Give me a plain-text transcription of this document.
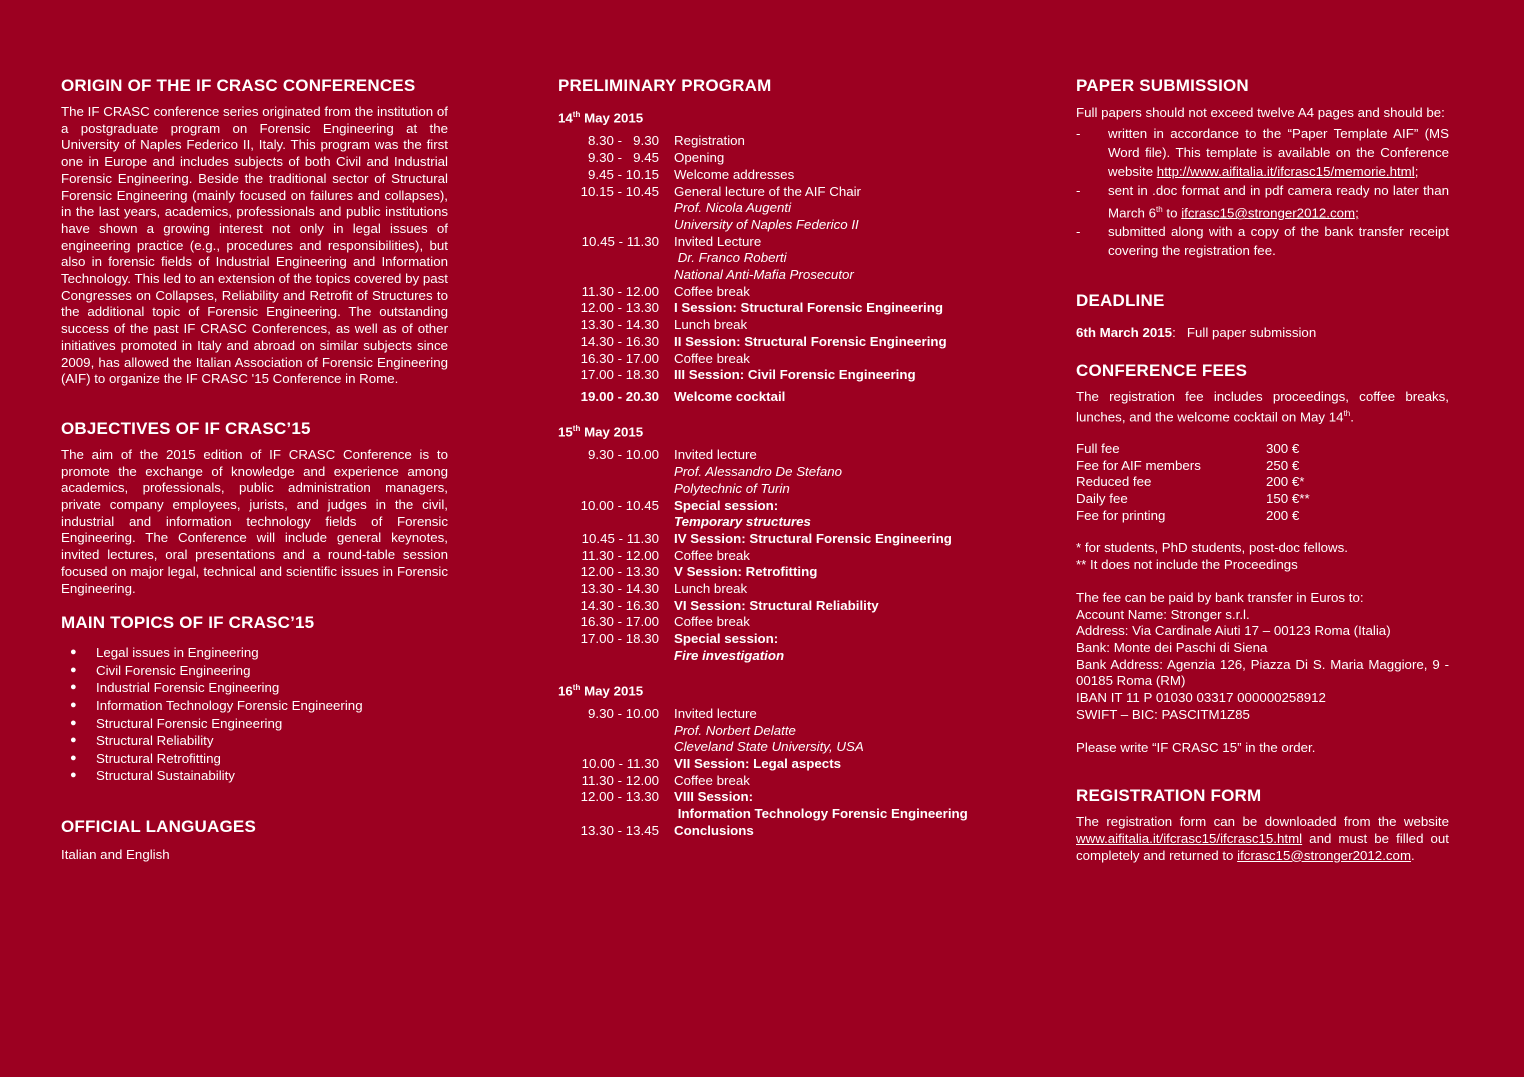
ORIGIN OF THE IF CRASC CONFERENCES

The IF CRASC conference series originated from the institution of a postgraduate program on Forensic Engineering at the University of Naples Federico II, Italy. This program was the first one in Europe and includes subjects of both Civil and Industrial Forensic Engineering. Beside the traditional sector of Structural Forensic Engineering (mainly focused on failures and collapses), in the last years, academics, professionals and public institutions have shown a growing interest not only in legal issues of engineering practice (e.g., procedures and responsibilities), but also in forensic fields of Industrial Engineering and Information Technology. This led to an extension of the topics covered by past Congresses on Collapses, Reliability and Retrofit of Structures to the additional topic of Forensic Engineering. The outstanding success of the past IF CRASC Conferences, as well as of other initiatives promoted in Italy and abroad on similar subjects since 2009, has allowed the Italian Association of Forensic Engineering (AIF) to organize the IF CRASC '15 Conference in Rome.

OBJECTIVES OF IF CRASC’15

The aim of the 2015 edition of IF CRASC Conference is to promote the exchange of knowledge and experience among academics, professionals, public administration managers, private company employees, jurists, and judges in the civil, industrial and information technology fields of Forensic Engineering. The Conference will include general keynotes, invited lectures, oral presentations and a round-table session focused on major legal, technical and scientific issues in Forensic Engineering.

MAIN TOPICS OF IF CRASC’15
● Legal issues in Engineering
● Civil Forensic Engineering
● Industrial Forensic Engineering
● Information Technology Forensic Engineering
● Structural Forensic Engineering
● Structural Reliability
● Structural Retrofitting
● Structural Sustainability
OFFICIAL LANGUAGES

Italian and English

PRELIMINARY PROGRAM
14th May 2015
8.30 -   9.30	Registration

9.30 -   9.45	Opening

9.45 - 10.15	Welcome addresses

10.15 - 10.45	General lecture of the AIF Chair
Prof. Nicola Augenti
University of Naples Federico II

10.45 - 11.30	Invited Lecture
Dr. Franco Roberti
National Anti-Mafia Prosecutor

11.30 - 12.00	Coffee break

12.00 - 13.30	I Session: Structural Forensic Engineering

13.30 - 14.30	Lunch break

14.30 - 16.30	II Session: Structural Forensic Engineering

16.30 - 17.00	Coffee break

17.00 - 18.30	III Session: Civil Forensic Engineering

19.00 - 20.30	Welcome cocktail
15th May 2015
9.30 - 10.00	Invited lecture
Prof. Alessandro De Stefano
Polytechnic of Turin

10.00 - 10.45	Special session:
Temporary structures

10.45 - 11.30	IV Session: Structural Forensic Engineering

11.30 - 12.00	Coffee break

12.00 - 13.30	V Session: Retrofitting

13.30 - 14.30	Lunch break

14.30 - 16.30	VI Session: Structural Reliability

16.30 - 17.00	Coffee break

17.00 - 18.30	Special session:
Fire investigation
16th May 2015
9.30 - 10.00	Invited lecture
Prof. Norbert Delatte
Cleveland State University, USA

10.00 - 11.30	VII Session: Legal aspects

11.30 - 12.00	Coffee break

12.00 - 13.30	VIII Session:
Information Technology Forensic Engineering

13.30 - 13.45	Conclusions
PAPER SUBMISSION

Full papers should not exceed twelve A4 pages and should be:

- written in accordance to the “Paper Template AIF” (MS Word file). This template is available on the Conference website http://www.aifitalia.it/ifcrasc15/memorie.html;
- sent in .doc format and in pdf camera ready no later than March 6th to ifcrasc15@stronger2012.com;
- submitted along with a copy of the bank transfer receipt covering the registration fee.
DEADLINE

6th March 2015: Full paper submission

CONFERENCE FEES

The registration fee includes proceedings, coffee breaks, lunches, and the welcome cocktail on May 14th.

Full fee	300 €
Fee for AIF members	250 €
Reduced fee	200 €*
Daily fee	150 €**
Fee for printing	200 €

* for students, PhD students, post-doc fellows.

** It does not include the Proceedings

The fee can be paid by bank transfer in Euros to:

Account Name: Stronger s.r.l.

Address: Via Cardinale Aiuti 17 – 00123 Roma (Italia)

Bank: Monte dei Paschi di Siena

Bank Address: Agenzia 126, Piazza Di S. Maria Maggiore, 9 - 00185 Roma (RM)

IBAN IT 11 P 01030 03317 000000258912

SWIFT – BIC: PASCITM1Z85

Please write “IF CRASC 15” in the order.

REGISTRATION FORM

The registration form can be downloaded from the website www.aifitalia.it/ifcrasc15/ifcrasc15.html and must be filled out completely and returned to ifcrasc15@stronger2012.com.
